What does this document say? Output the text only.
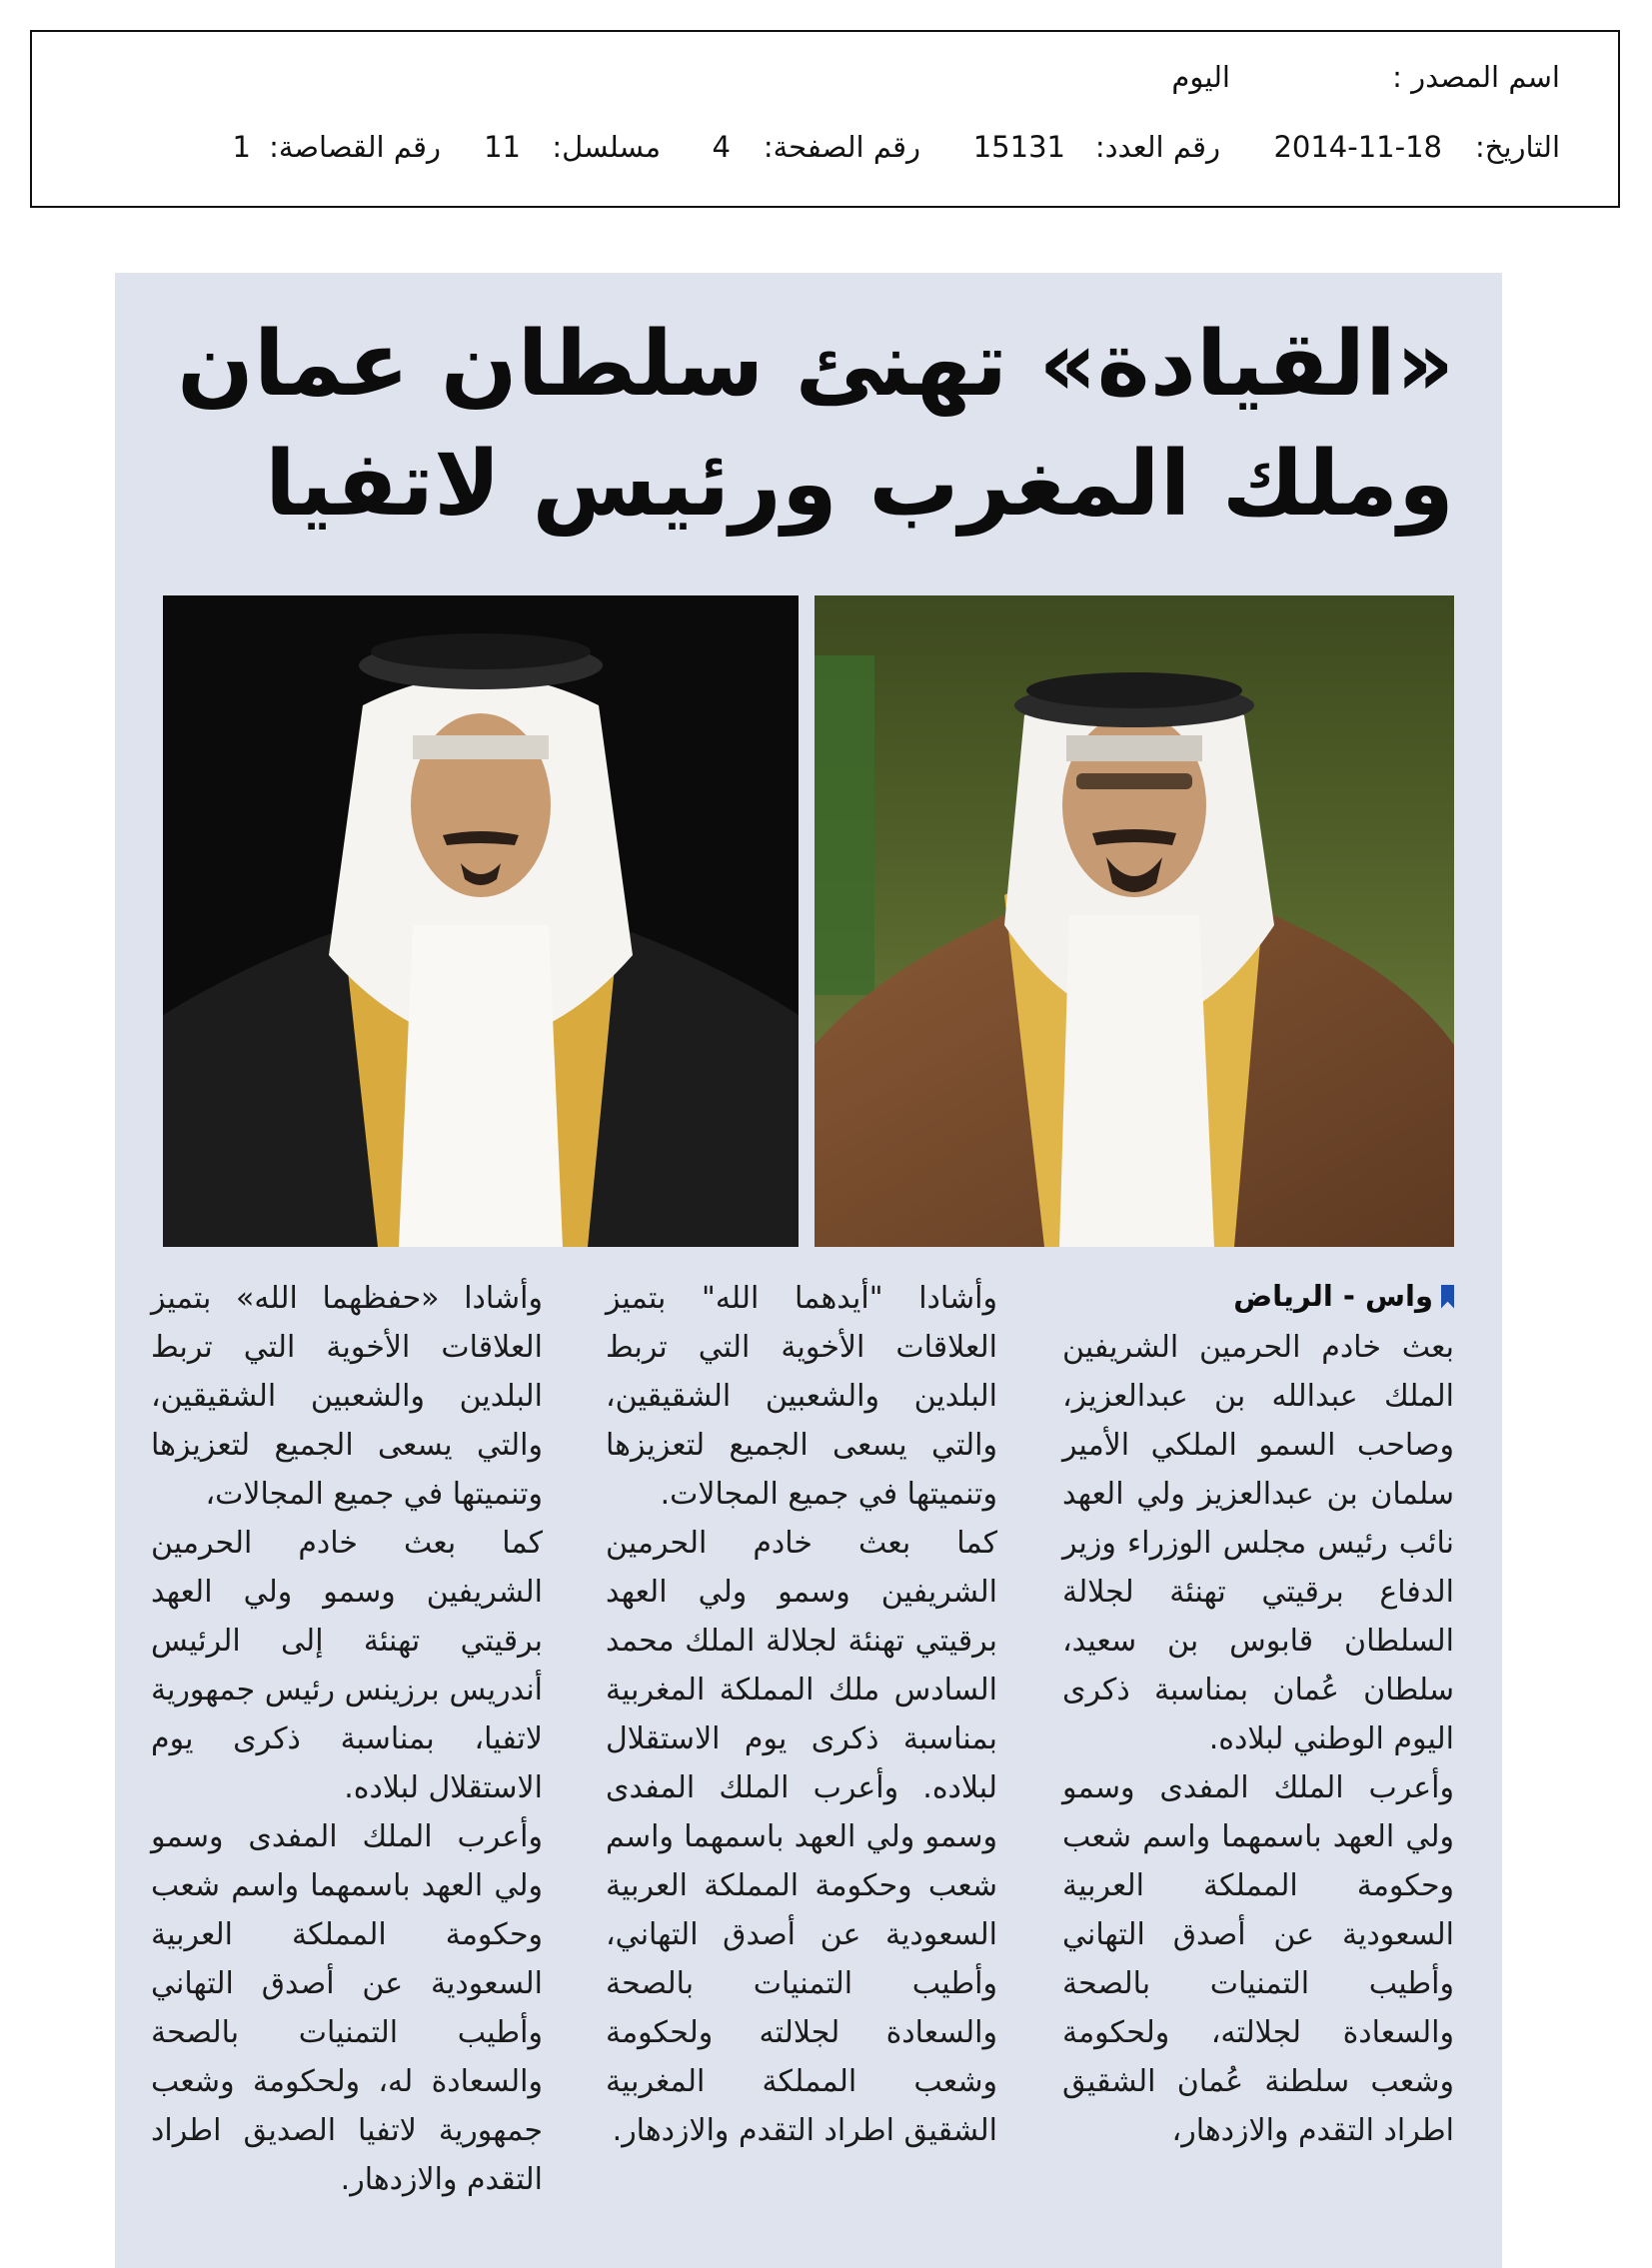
اسم المصدر :
اليوم
التاريخ:
2014-11-18
رقم العدد:
15131
رقم الصفحة:
4
مسلسل:
11
رقم القصاصة:
1
«القيادة» تهنئ سلطان عمان وملك المغرب ورئيس لاتفيا
واس - الرياض

بعث خادم الحرمين الشريفين الملك عبدالله بن عبدالعزيز، وصاحب السمو الملكي الأمير سلمان بن عبدالعزيز ولي العهد نائب رئيس مجلس الوزراء وزير الدفاع برقيتي تهنئة لجلالة السلطان قابوس بن سعيد، سلطان عُمان بمناسبة ذكرى اليوم الوطني لبلاده.

وأعرب الملك المفدى وسمو ولي العهد باسمهما واسم شعب وحكومة المملكة العربية السعودية عن أصدق التهاني وأطيب التمنيات بالصحة والسعادة لجلالته، ولحكومة وشعب سلطنة عُمان الشقيق اطراد التقدم والازدهار،

وأشادا "أيدهما الله" بتميز العلاقات الأخوية التي تربط البلدين والشعبين الشقيقين، والتي يسعى الجميع لتعزيزها وتنميتها في جميع المجالات.

كما بعث خادم الحرمين الشريفين وسمو ولي العهد برقيتي تهنئة لجلالة الملك محمد السادس ملك المملكة المغربية بمناسبة ذكرى يوم الاستقلال لبلاده. وأعرب الملك المفدى وسمو ولي العهد باسمهما واسم شعب وحكومة المملكة العربية السعودية عن أصدق التهاني، وأطيب التمنيات بالصحة والسعادة لجلالته ولحكومة وشعب المملكة المغربية الشقيق اطراد التقدم والازدهار.

وأشادا «حفظهما الله» بتميز العلاقات الأخوية التي تربط البلدين والشعبين الشقيقين، والتي يسعى الجميع لتعزيزها وتنميتها في جميع المجالات،

كما بعث خادم الحرمين الشريفين وسمو ولي العهد برقيتي تهنئة إلى الرئيس أندريس برزينس رئيس جمهورية لاتفيا، بمناسبة ذكرى يوم الاستقلال لبلاده.

وأعرب الملك المفدى وسمو ولي العهد باسمهما واسم شعب وحكومة المملكة العربية السعودية عن أصدق التهاني وأطيب التمنيات بالصحة والسعادة له، ولحكومة وشعب جمهورية لاتفيا الصديق اطراد التقدم والازدهار.
